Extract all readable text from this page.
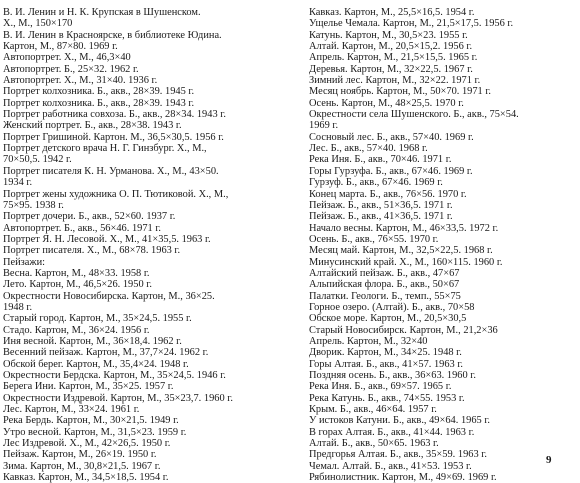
В. И. Ленин и Н. К. Крупская в Шушенском.
Х., М., 150×170
В. И. Ленин в Красноярске, в библиотеке Юдина.
Картон, М., 87×80. 1969 г.
Автопортрет. Х., М., 46,3×40
Автопортрет. Б., 25×32. 1962 г.
Автопортрет. Х., М., 31×40. 1936 г.
Портрет колхозника. Б., акв., 28×39. 1945 г.
Портрет колхозника. Б., акв., 28×39. 1943 г.
Портрет работника совхоза. Б., акв., 28×34. 1943 г.
Женский портрет. Б., акв., 28×38. 1943 г.
Портрет Гришиной. Картон. М., 36,5×30,5. 1956 г.
Портрет детского врача Н. Г. Гинзбург. Х., М.,
70×50,5. 1942 г.
Портрет писателя К. Н. Урманова. Х., М., 43×50.
1934 г.
Портрет жены художника О. П. Тютиковой. Х., М.,
75×95. 1938 г.
Портрет дочери. Б., акв., 52×60. 1937 г.
Автопортрет. Б., акв., 56×46. 1971 г.
Портрет Я. Н. Лесовой. Х., М., 41×35,5. 1963 г.
Портрет писателя. Х., М., 68×78. 1963 г.
Пейзажи:
Весна. Картон, М., 48×33. 1958 г.
Лето. Картон, М., 46,5×26. 1950 г.
Окрестности Новосибирска. Картон, М., 36×25.
1948 г.
Старый город. Картон, М., 35×24,5. 1955 г.
Стадо. Картон, М., 36×24. 1956 г.
Иня весной. Картон, М., 36×18,4. 1962 г.
Весенний пейзаж. Картон, М., 37,7×24. 1962 г.
Обской берег. Картон, М., 35,4×24. 1948 г.
Окрестности Бердска. Картон, М., 35×24,5. 1946 г.
Берега Ини. Картон, М., 35×25. 1957 г.
Окрестности Издревой. Картон, М., 35×23,7. 1960 г.
Лес. Картон, М., 33×24. 1961 г.
Река Бердь. Картон, М., 30×21,5. 1949 г.
Утро весной. Картон, М., 31,5×23. 1959 г.
Лес Издревой. Х., М., 42×26,5. 1950 г.
Пейзаж. Картон, М., 26×19. 1950 г.
Зима. Картон, М., 30,8×21,5. 1967 г.
Кавказ. Картон, М., 34,5×18,5. 1954 г.
Кавказ. Картон, М., 25,5×16,5. 1954 г.
Ущелье Чемала. Картон, М., 21,5×17,5. 1956 г.
Катунь. Картон, М., 30,5×23. 1955 г.
Алтай. Картон, М., 20,5×15,2. 1956 г.
Апрель. Картон, М., 21,5×15,5. 1965 г.
Деревья. Картон, М., 32×22,5. 1967 г.
Зимний лес. Картон, М., 32×22. 1971 г.
Месяц ноябрь. Картон, М., 50×70. 1971 г.
Осень. Картон, М., 48×25,5. 1970 г.
Окрестности села Шушенского. Б., акв., 75×54.
1969 г.
Сосновый лес. Б., акв., 57×40. 1969 г.
Лес. Б., акв., 57×40. 1968 г.
Река Иня. Б., акв., 70×46. 1971 г.
Горы Гурзуфа. Б., акв., 67×46. 1969 г.
Гурзуф. Б., акв., 67×46. 1969 г.
Конец марта. Б., акв., 76×56. 1970 г.
Пейзаж. Б., акв., 51×36,5. 1971 г.
Пейзаж. Б., акв., 41×36,5. 1971 г.
Начало весны. Картон, М., 46×33,5. 1972 г.
Осень. Б., акв., 76×55. 1970 г.
Месяц май. Картон, М., 32,5×22,5. 1968 г.
Минусинский край. Х., М., 160×115. 1960 г.
Алтайский пейзаж. Б., акв., 47×67
Альпийская флора. Б., акв., 50×67
Палатки. Геологи. Б., темп., 55×75
Горное озеро. (Алтай). Б., акв., 70×58
Обское море. Картон, М., 20,5×30,5
Старый Новосибирск. Картон, М., 21,2×36
Апрель. Картон, М., 32×40
Дворик. Картон, М., 34×25. 1948 г.
Горы Алтая. Б., акв., 41×57. 1963 г.
Поздняя осень. Б., акв., 36×63. 1960 г.
Река Иня. Б., акв., 69×57. 1965 г.
Река Катунь. Б., акв., 74×55. 1953 г.
Крым. Б., акв., 46×64. 1957 г.
У истоков Катуни. Б., акв., 49×64. 1965 г.
В горах Алтая. Б., акв., 41×44. 1963 г.
Алтай. Б., акв., 50×65. 1963 г.
Предгорья Алтая. Б., акв., 35×59. 1963 г.
Чемал. Алтай. Б., акв., 41×53. 1953 г.
Рябинолистник. Картон, М., 49×69. 1969 г.
9
